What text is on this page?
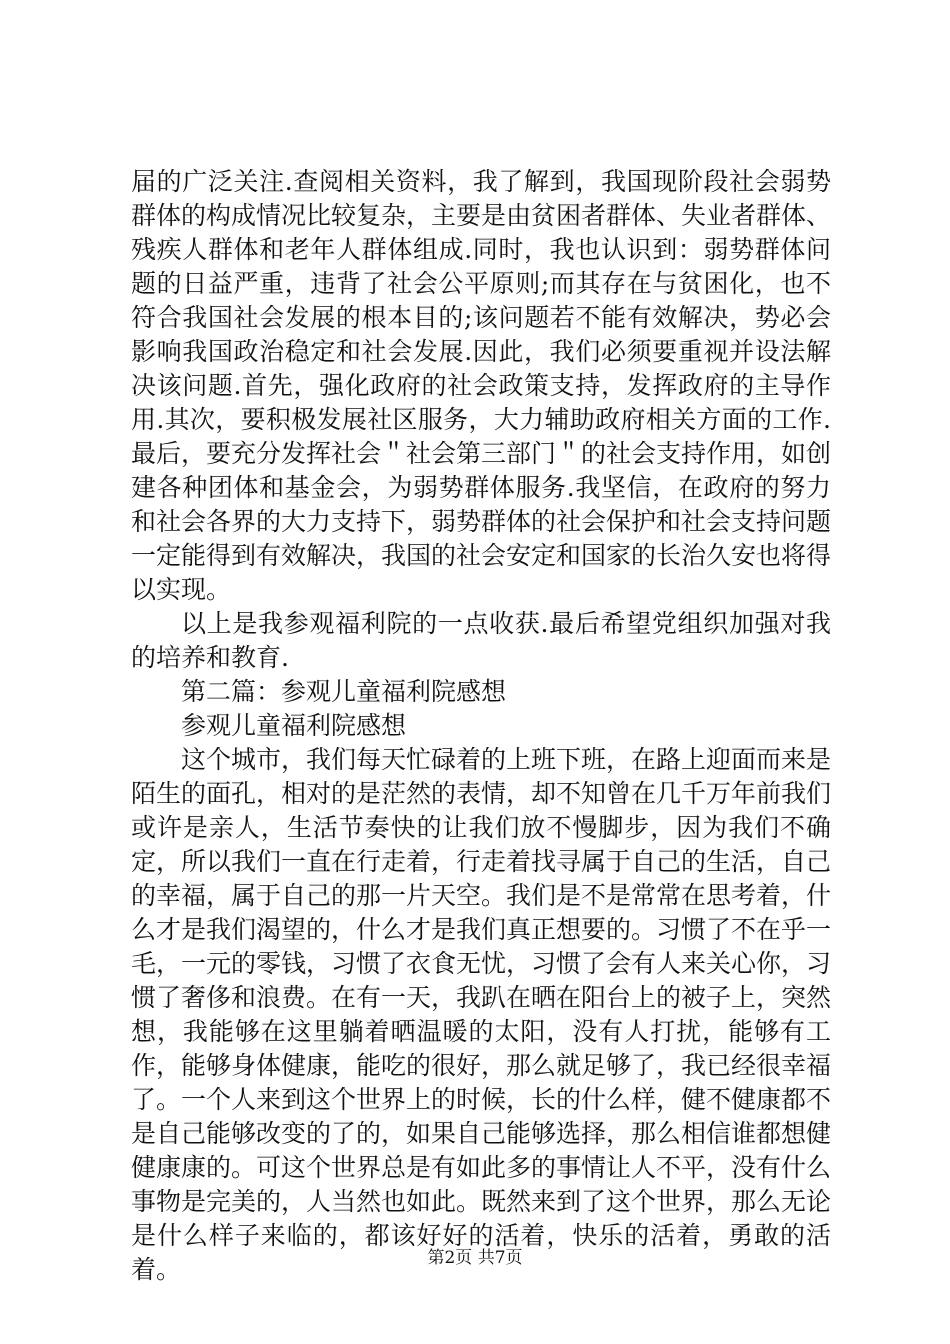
届的广泛关注.查阅相关资料，我了解到，我国现阶段社会弱势群体的构成情况比较复杂，主要是由贫困者群体、失业者群体、残疾人群体和老年人群体组成.同时，我也认识到：弱势群体问题的日益严重，违背了社会公平原则;而其存在与贫困化，也不符合我国社会发展的根本目的;该问题若不能有效解决，势必会影响我国政治稳定和社会发展.因此，我们必须要重视并设法解决该问题.首先，强化政府的社会政策支持，发挥政府的主导作用.其次，要积极发展社区服务，大力辅助政府相关方面的工作.最后，要充分发挥社会＂社会第三部门＂的社会支持作用，如创建各种团体和基金会，为弱势群体服务.我坚信，在政府的努力和社会各界的大力支持下，弱势群体的社会保护和社会支持问题一定能得到有效解决，我国的社会安定和国家的长治久安也将得以实现。

以上是我参观福利院的一点收获.最后希望党组织加强对我的培养和教育.

第二篇：参观儿童福利院感想

参观儿童福利院感想

这个城市，我们每天忙碌着的上班下班，在路上迎面而来是陌生的面孔，相对的是茫然的表情，却不知曾在几千万年前我们或许是亲人，生活节奏快的让我们放不慢脚步，因为我们不确定，所以我们一直在行走着，行走着找寻属于自己的生活，自己的幸福，属于自己的那一片天空。我们是不是常常在思考着，什么才是我们渴望的，什么才是我们真正想要的。习惯了不在乎一毛，一元的零钱，习惯了衣食无忧，习惯了会有人来关心你，习惯了奢侈和浪费。在有一天，我趴在晒在阳台上的被子上，突然想，我能够在这里躺着晒温暖的太阳，没有人打扰，能够有工作，能够身体健康，能吃的很好，那么就足够了，我已经很幸福了。一个人来到这个世界上的时候，长的什么样，健不健康都不是自己能够改变的了的，如果自己能够选择，那么相信谁都想健健康康的。可这个世界总是有如此多的事情让人不平，没有什么事物是完美的，人当然也如此。既然来到了这个世界，那么无论是什么样子来临的，都该好好的活着，快乐的活着，勇敢的活着。	第2页 共7页
